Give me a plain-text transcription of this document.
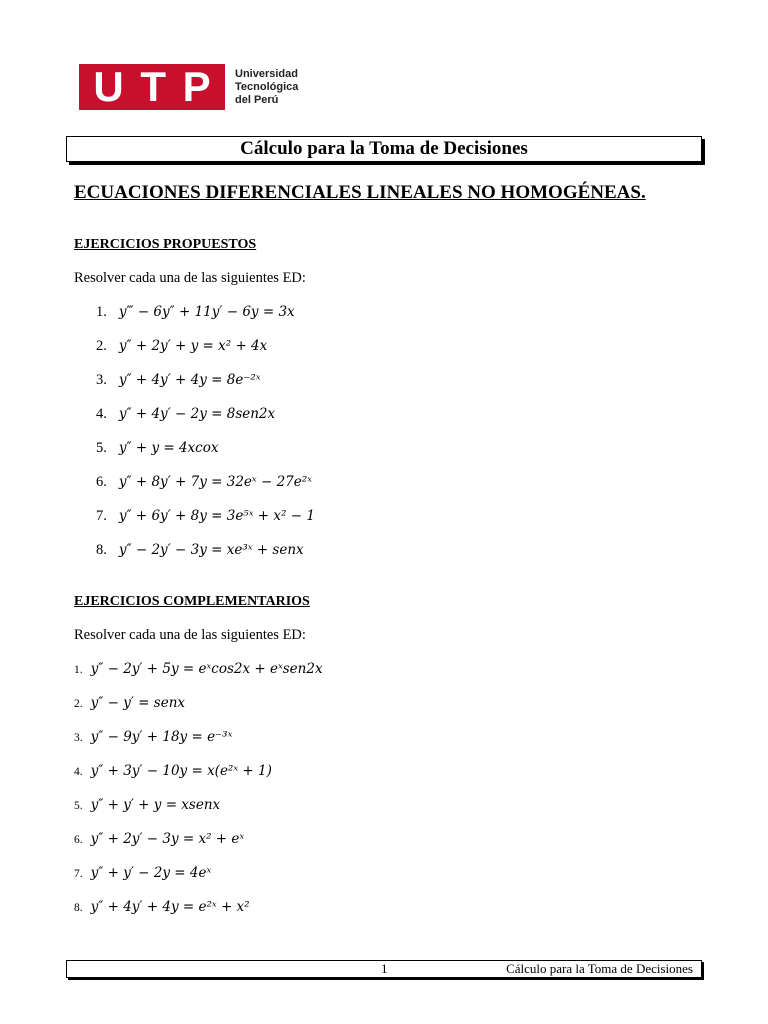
U T P Universidad
Tecnológica
del Perú
Cálculo para la Toma de Decisiones
ECUACIONES DIFERENCIALES LINEALES NO HOMOGÉNEAS.
EJERCICIOS PROPUESTOS
Resolver cada una de las siguientes ED:
1. y‴ − 6y″ + 11y′ − 6y = 3x
2. y″ + 2y′ + y = x² + 4x
3. y″ + 4y′ + 4y = 8e⁻²ˣ
4. y″ + 4y′ − 2y = 8sen2x
5. y″ + y = 4xcox
6. y″ + 8y′ + 7y = 32eˣ − 27e²ˣ
7. y″ + 6y′ + 8y = 3e⁵ˣ + x² − 1
8. y″ − 2y′ − 3y = xe³ˣ + senx
EJERCICIOS COMPLEMENTARIOS
Resolver cada una de las siguientes ED:
1. y″ − 2y′ + 5y = eˣcos2x + eˣsen2x
2. y″ − y′ = senx
3. y″ − 9y′ + 18y = e⁻³ˣ
4. y″ + 3y′ − 10y = x(e²ˣ + 1)
5. y″ + y′ + y = xsenx
6. y″ + 2y′ − 3y = x² + eˣ
7. y″ + y′ − 2y = 4eˣ
8. y″ + 4y′ + 4y = e²ˣ + x²
1	Cálculo para la Toma de Decisiones
